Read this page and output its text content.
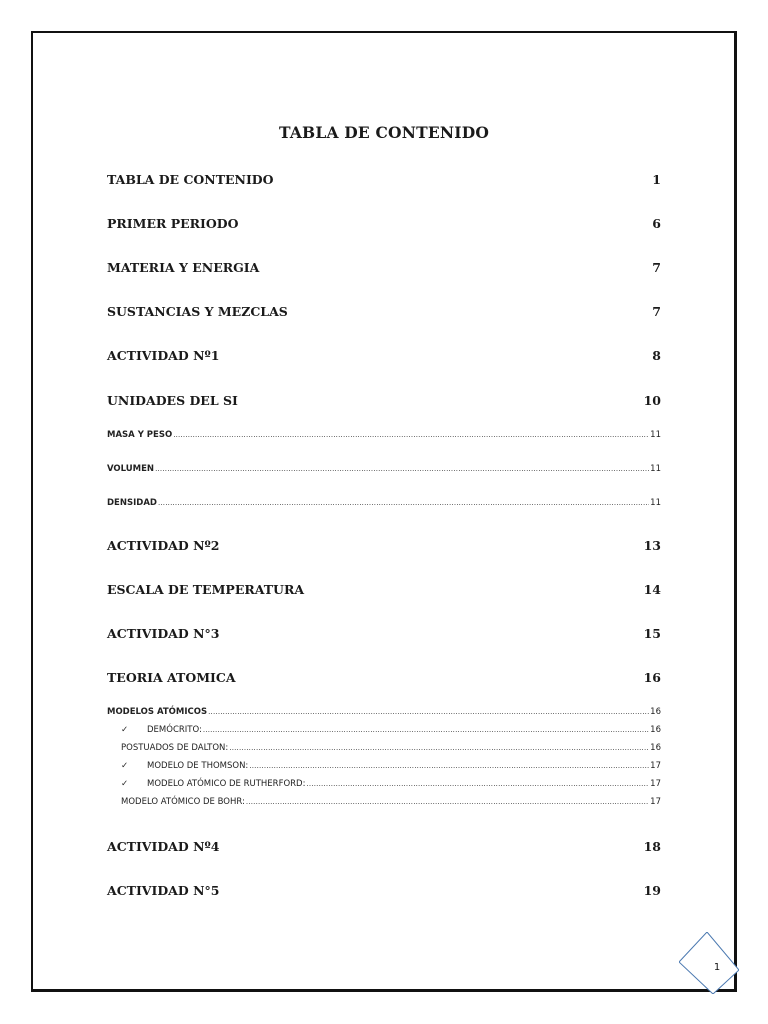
TABLA DE CONTENIDO
TABLA DE CONTENIDO	1
PRIMER PERIODO	6
MATERIA Y ENERGIA	7
SUSTANCIAS Y MEZCLAS	7
ACTIVIDAD Nº1	8
UNIDADES DEL SI	10
MASA Y PESO .....	11
VOLUMEN .....	11
DENSIDAD .....	11
ACTIVIDAD Nº2	13
ESCALA DE TEMPERATURA	14
ACTIVIDAD N°3	15
TEORIA ATOMICA	16
MODELOS ATÓMICOS .....	16
✓ DEMÓCRITO: .....	16
POSTUADOS DE DALTON: .....	16
✓ MODELO DE THOMSON: .....	17
✓ MODELO ATÓMICO DE RUTHERFORD: .....	17
MODELO ATÓMICO DE BOHR: .....	17
ACTIVIDAD Nº4	18
ACTIVIDAD N°5	19
1
